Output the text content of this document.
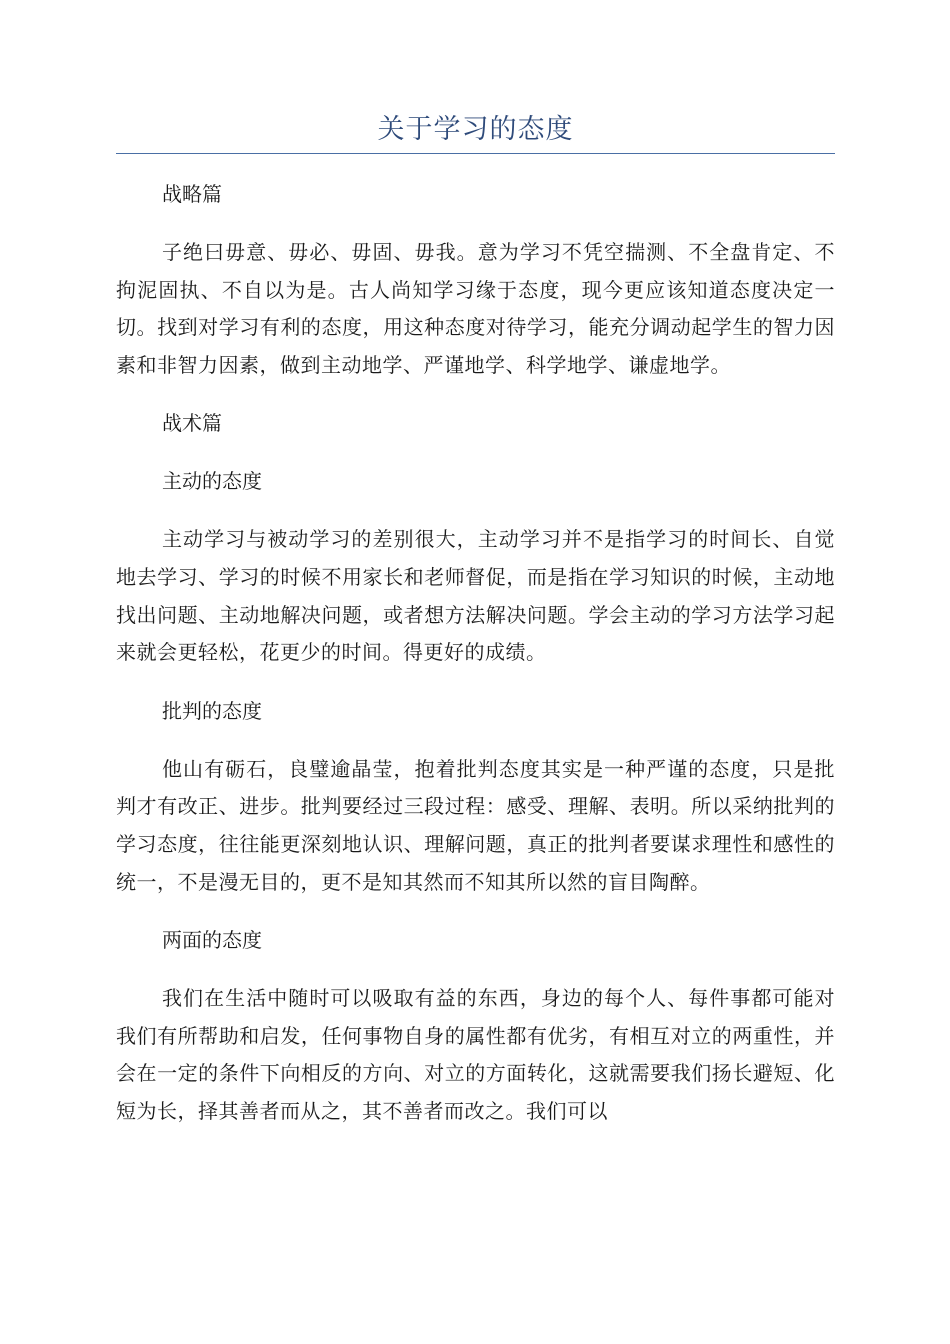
关于学习的态度
战略篇
子绝曰毋意、毋必、毋固、毋我。意为学习不凭空揣测、不全盘肯定、不拘泥固执、不自以为是。古人尚知学习缘于态度，现今更应该知道态度决定一切。找到对学习有利的态度，用这种态度对待学习，能充分调动起学生的智力因素和非智力因素，做到主动地学、严谨地学、科学地学、谦虚地学。
战术篇
主动的态度
主动学习与被动学习的差别很大，主动学习并不是指学习的时间长、自觉地去学习、学习的时候不用家长和老师督促，而是指在学习知识的时候，主动地找出问题、主动地解决问题，或者想方法解决问题。学会主动的学习方法学习起来就会更轻松，花更少的时间。得更好的成绩。
批判的态度
他山有砺石，良璧逾晶莹，抱着批判态度其实是一种严谨的态度，只是批判才有改正、进步。批判要经过三段过程：感受、理解、表明。所以采纳批判的学习态度，往往能更深刻地认识、理解问题，真正的批判者要谋求理性和感性的统一，不是漫无目的，更不是知其然而不知其所以然的盲目陶醉。
两面的态度
我们在生活中随时可以吸取有益的东西，身边的每个人、每件事都可能对我们有所帮助和启发，任何事物自身的属性都有优劣，有相互对立的两重性，并会在一定的条件下向相反的方向、对立的方面转化，这就需要我们扬长避短、化短为长，择其善者而从之，其不善者而改之。我们可以
